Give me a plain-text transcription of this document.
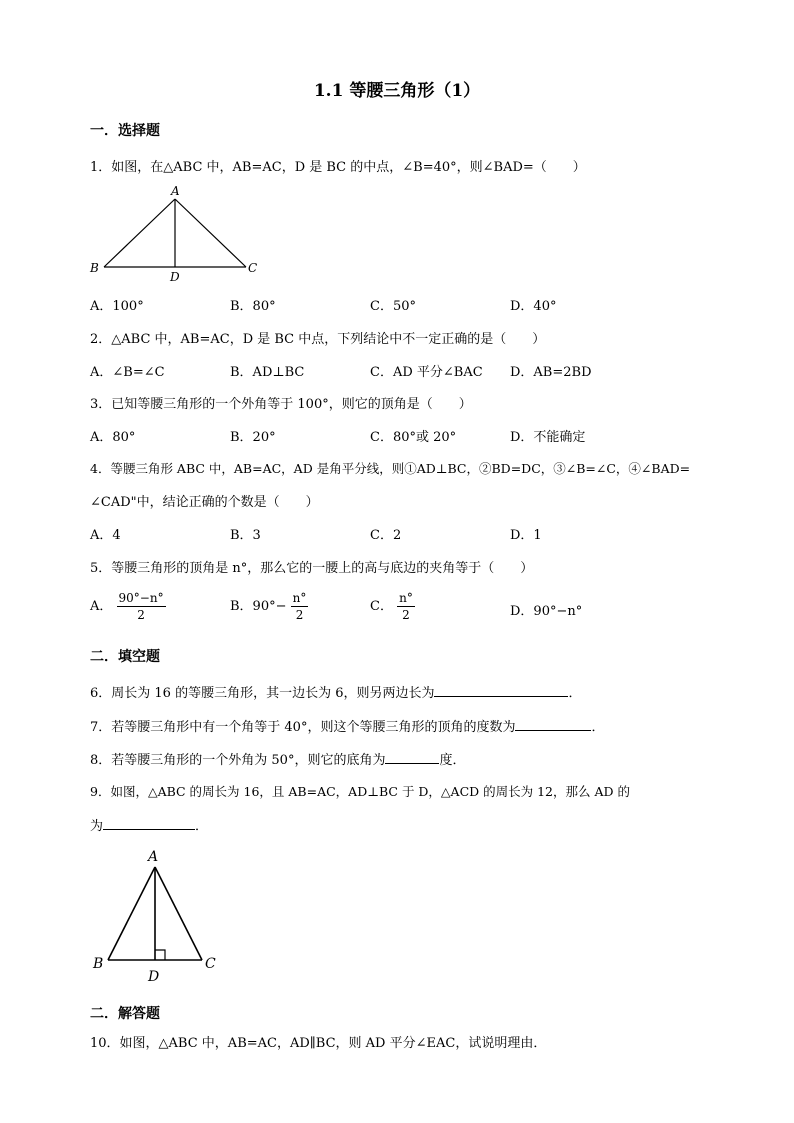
1.1 等腰三角形（1）
一．选择题
1．如图，在△ABC 中，AB=AC，D 是 BC 的中点，∠B=40°，则∠BAD=（　　）
A
B	C
D
A．100°	B．80°	C．50°	D．40°
2．△ABC 中，AB=AC，D 是 BC 中点，下列结论中不一定正确的是（　　）
A．∠B=∠C	B．AD⊥BC	C．AD 平分∠BAC D．AB=2BD
3．已知等腰三角形的一个外角等于 100°，则它的顶角是（　　）
A．80°	B．20°	C．80°或 20°	D．不能确定
4．等腰三角形 ABC 中，AB=AC，AD 是角平分线，则①AD⊥BC，②BD=DC，③∠B=∠C，④∠BAD=
∠CAD"中，结论正确的个数是（　　）
A．4	B．3	C．2	D．1
5．等腰三角形的顶角是 n°，那么它的一腰上的高与底边的夹角等于（　　）
A． $\frac{90^\circ-n^\circ}{2}$	B．$90^\circ- \frac{n^\circ}{2}$	C． $\frac{n^\circ}{2}$	D．90°−n°
二．填空题
6．周长为 16 的等腰三角形，其一边长为 6，则另两边长为	．
7．若等腰三角形中有一个角等于 40°，则这个等腰三角形的顶角的度数为	．
8．若等腰三角形的一个外角为 50°，则它的底角为	度．
9．如图，△ABC 的周长为 16，且 AB=AC，AD⊥BC 于 D，△ACD 的周长为 12，那么 AD 的
为	．
A
B	C
D
二．解答题
10．如图，△ABC 中，AB=AC，AD∥BC，则 AD 平分∠EAC，试说明理由．
